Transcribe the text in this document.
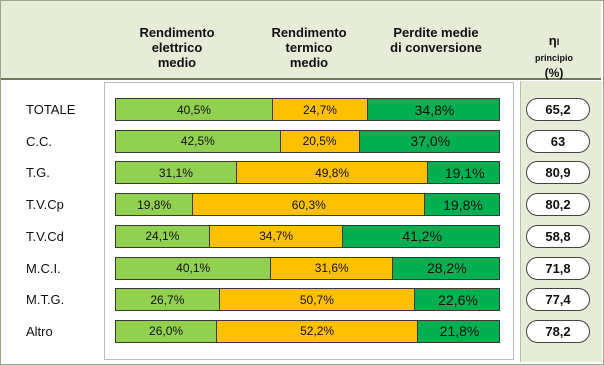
Rendimento
elettrico
medio
Rendimento
termico
medio
Perdite medie
di conversione	ηI principio
(%)
TOTALE	40,5%	24,7%	34,8%	65,2
C.C.	42,5%	20,5%	37,0%	63
T.G.	31,1%	49,8%	19,1%	80,9
T.V.Cp	19,8%	60,3%	19,8%	80,2
T.V.Cd	24,1%	34,7%	41,2%	58,8
M.C.I.	40,1%	31,6%	28,2%	71,8
M.T.G.	26,7%	50,7%	22,6%	77,4
Altro	26,0%	52,2%	21,8%	78,2
